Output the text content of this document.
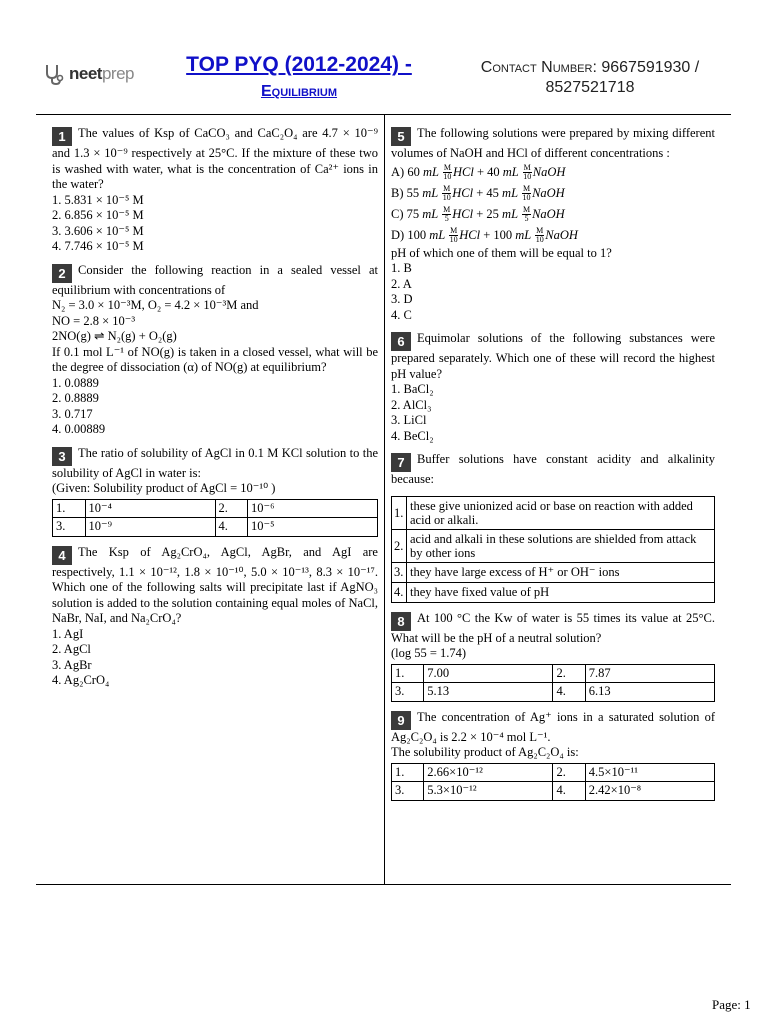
neetprep	TOP PYQ (2012-2024) -
Equilibrium
Contact Number: 9667591930 /
8527521718
1 The values of Ksp of CaCO₃ and CaC₂O₄ are 4.7 × 10⁻⁹ and 1.3 × 10⁻⁹ respectively at 25°C. If the mixture of these two is washed with water, what is the concentration of Ca²⁺ ions in the water?
1. 5.831 × 10⁻⁵ M
2. 6.856 × 10⁻⁵ M
3. 3.606 × 10⁻⁵ M
4. 7.746 × 10⁻⁵ M
2 Consider the following reaction in a sealed vessel at equilibrium with concentrations of
N₂ = 3.0 × 10⁻³M, O₂ = 4.2 × 10⁻³M and
NO = 2.8 × 10⁻³
2NO(g) ⇌ N₂(g) + O₂(g)
If 0.1 mol L⁻¹ of NO(g) is taken in a closed vessel, what will be the degree of dissociation (α) of NO(g) at equilibrium?
1. 0.0889
2. 0.8889
3. 0.717
4. 0.00889
3 The ratio of solubility of AgCl in 0.1 M KCl solution to the solubility of AgCl in water is:
(Given: Solubility product of AgCl = 10⁻¹⁰ )
1.	10⁻⁴	2.	10⁻⁶
3.	10⁻⁹	4.	10⁻⁵
4 The Ksp of Ag₂CrO₄, AgCl, AgBr, and AgI are respectively, 1.1 × 10⁻¹², 1.8 × 10⁻¹⁰, 5.0 × 10⁻¹³, 8.3 × 10⁻¹⁷. Which one of the following salts will precipitate last if AgNO₃ solution is added to the solution containing equal moles of NaCl, NaBr, NaI, and Na₂CrO₄?
1. AgI
2. AgCl
3. AgBr
4. Ag₂CrO₄
5 The following solutions were prepared by mixing different volumes of NaOH and HCl of different concentrations :
A) 60 mL $\frac{M}{10}$ HCl + 40 mL $\frac{M}{10}$ NaOH
B) 55 mL $\frac{M}{10}$ HCl + 45 mL $\frac{M}{10}$ NaOH
C) 75 mL $\frac{M}{5}$ HCl + 25 mL $\frac{M}{5}$ NaOH
D) 100 mL $\frac{M}{10}$ HCl + 100 mL $\frac{M}{10}$ NaOH
pH of which one of them will be equal to 1?
1. B
2. A
3. D
4. C
6 Equimolar solutions of the following substances were prepared separately. Which one of these will record the highest pH value?
1. BaCl₂
2. AlCl₃
3. LiCl
4. BeCl₂
7 Buffer solutions have constant acidity and alkalinity because:
1.	these give unionized acid or base on reaction with added acid or alkali.
2.	acid and alkali in these solutions are shielded from attack by other ions
3.	they have large excess of H⁺ or OH⁻ ions
4.	they have fixed value of pH
8 At 100 °C the Kw of water is 55 times its value at 25°C. What will be the pH of a neutral solution?
(log 55 = 1.74)
1.	7.00	2.	7.87
3.	5.13	4.	6.13
9 The concentration of Ag⁺ ions in a saturated solution of Ag₂C₂O₄ is 2.2 × 10⁻⁴ mol L⁻¹.
The solubility product of Ag₂C₂O₄ is:
1.	2.66×10⁻¹²	2.	4.5×10⁻¹¹
3.	5.3×10⁻¹²	4.	2.42×10⁻⁸
Page: 1
